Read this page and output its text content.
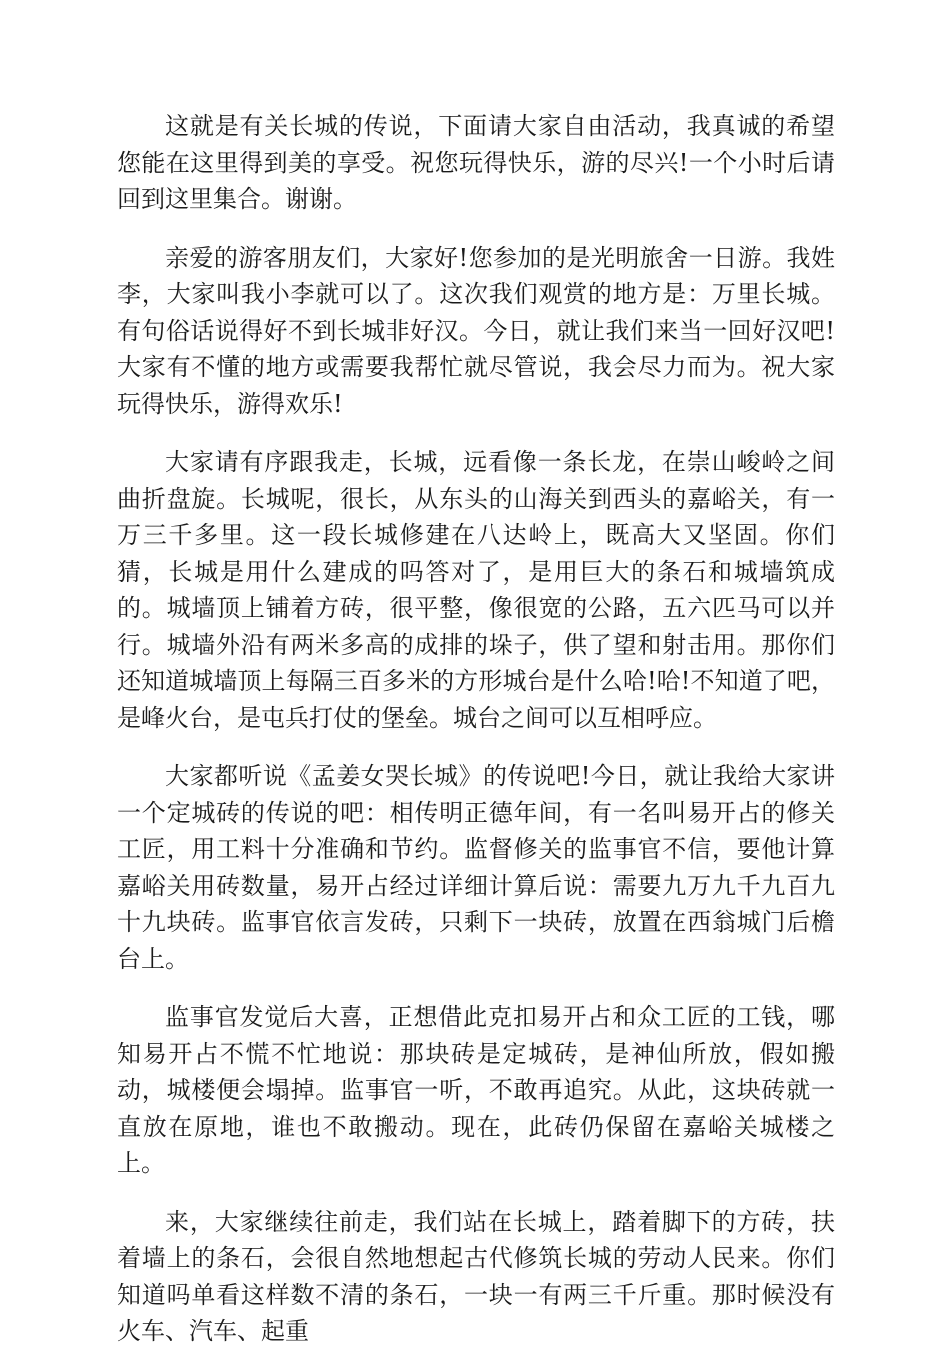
这就是有关长城的传说，下面请大家自由活动，我真诚的希望您能在这里得到美的享受。祝您玩得快乐，游的尽兴!一个小时后请回到这里集合。谢谢。

亲爱的游客朋友们，大家好!您参加的是光明旅舍一日游。我姓李，大家叫我小李就可以了。这次我们观赏的地方是：万里长城。有句俗话说得好不到长城非好汉。今日，就让我们来当一回好汉吧!大家有不懂的地方或需要我帮忙就尽管说，我会尽力而为。祝大家玩得快乐，游得欢乐!

大家请有序跟我走，长城，远看像一条长龙，在崇山峻岭之间曲折盘旋。长城呢，很长，从东头的山海关到西头的嘉峪关，有一万三千多里。这一段长城修建在八达岭上，既高大又坚固。你们猜，长城是用什么建成的吗答对了，是用巨大的条石和城墙筑成的。城墙顶上铺着方砖，很平整，像很宽的公路，五六匹马可以并行。城墙外沿有两米多高的成排的垛子，供了望和射击用。那你们还知道城墙顶上每隔三百多米的方形城台是什么哈!哈!不知道了吧，是峰火台，是屯兵打仗的堡垒。城台之间可以互相呼应。

大家都听说《孟姜女哭长城》的传说吧!今日，就让我给大家讲一个定城砖的传说的吧：相传明正德年间，有一名叫易开占的修关工匠，用工料十分准确和节约。监督修关的监事官不信，要他计算嘉峪关用砖数量，易开占经过详细计算后说：需要九万九千九百九十九块砖。监事官依言发砖，只剩下一块砖，放置在西翁城门后檐台上。

监事官发觉后大喜，正想借此克扣易开占和众工匠的工钱，哪知易开占不慌不忙地说：那块砖是定城砖，是神仙所放，假如搬动，城楼便会塌掉。监事官一听，不敢再追究。从此，这块砖就一直放在原地，谁也不敢搬动。现在，此砖仍保留在嘉峪关城楼之上。

来，大家继续往前走，我们站在长城上，踏着脚下的方砖，扶着墙上的条石，会很自然地想起古代修筑长城的劳动人民来。你们知道吗单看这样数不清的条石，一块一有两三千斤重。那时候没有火车、汽车、起重
